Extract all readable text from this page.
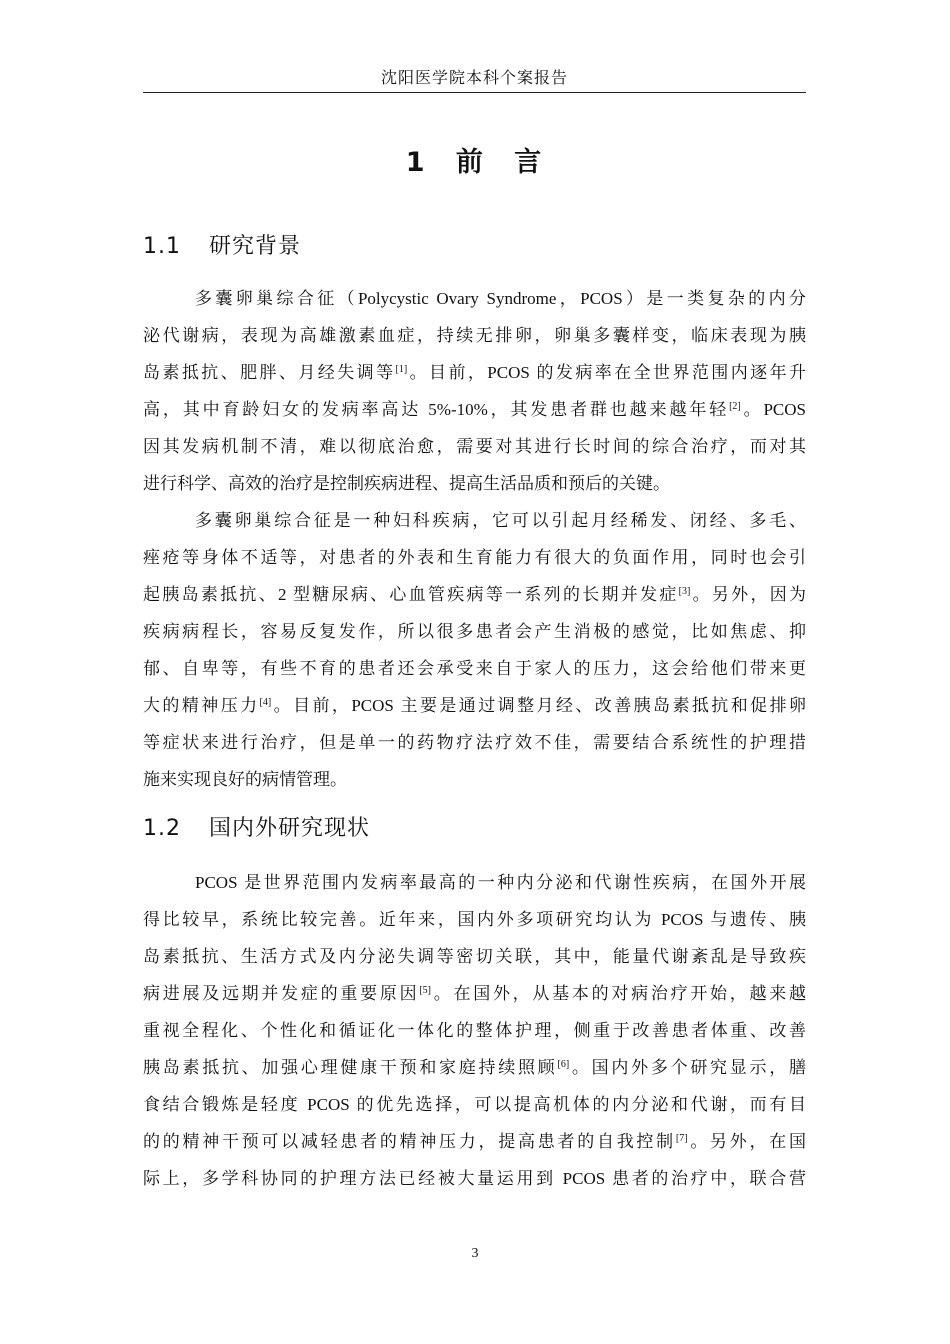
沈阳医学院本科个案报告
1 前 言
1.1 研究背景
多囊卵巢综合征（Polycystic Ovary Syndrome，PCOS）是一类复杂的内分
泌代谢病，表现为高雄激素血症，持续无排卵，卵巢多囊样变，临床表现为胰
岛素抵抗、肥胖、月经失调等[1]。目前，PCOS 的发病率在全世界范围内逐年升
高，其中育龄妇女的发病率高达 5%-10%，其发患者群也越来越年轻[2]。PCOS
因其发病机制不清，难以彻底治愈，需要对其进行长时间的综合治疗，而对其
进行科学、高效的治疗是控制疾病进程、提高生活品质和预后的关键。
多囊卵巢综合征是一种妇科疾病，它可以引起月经稀发、闭经、多毛、
痤疮等身体不适等，对患者的外表和生育能力有很大的负面作用，同时也会引
起胰岛素抵抗、2 型糖尿病、心血管疾病等一系列的长期并发症[3]。另外，因为
疾病病程长，容易反复发作，所以很多患者会产生消极的感觉，比如焦虑、抑
郁、自卑等，有些不育的患者还会承受来自于家人的压力，这会给他们带来更
大的精神压力[4]。目前，PCOS 主要是通过调整月经、改善胰岛素抵抗和促排卵
等症状来进行治疗，但是单一的药物疗法疗效不佳，需要结合系统性的护理措
施来实现良好的病情管理。
1.2 国内外研究现状
PCOS 是世界范围内发病率最高的一种内分泌和代谢性疾病，在国外开展
得比较早，系统比较完善。近年来，国内外多项研究均认为 PCOS 与遗传、胰
岛素抵抗、生活方式及内分泌失调等密切关联，其中，能量代谢紊乱是导致疾
病进展及远期并发症的重要原因[5]。在国外，从基本的对病治疗开始，越来越
重视全程化、个性化和循证化一体化的整体护理，侧重于改善患者体重、改善
胰岛素抵抗、加强心理健康干预和家庭持续照顾[6]。国内外多个研究显示，膳
食结合锻炼是轻度 PCOS 的优先选择，可以提高机体的内分泌和代谢，而有目
的的精神干预可以减轻患者的精神压力，提高患者的自我控制[7]。另外，在国
际上，多学科协同的护理方法已经被大量运用到 PCOS 患者的治疗中，联合营
3
